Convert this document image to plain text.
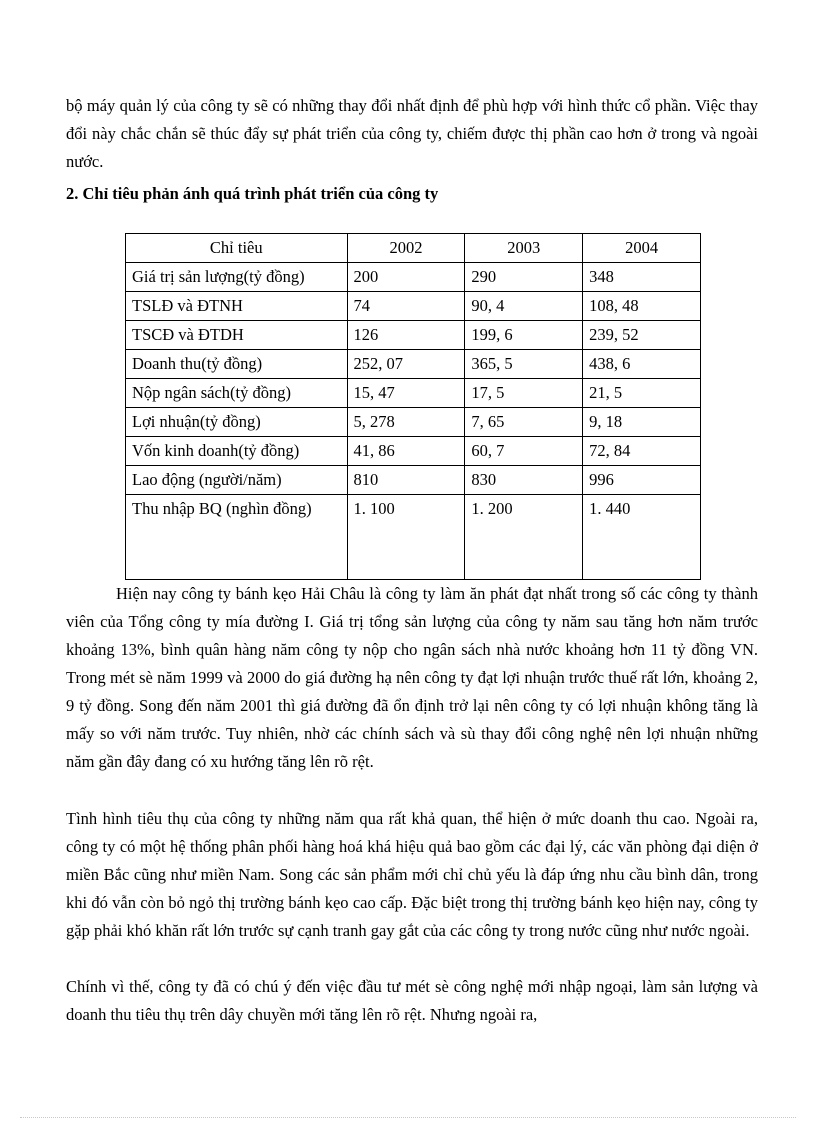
bộ máy quản lý của công ty sẽ có những thay đổi nhất định để phù hợp với hình thức cổ phần. Việc thay đổi này chắc chắn sẽ thúc đẩy sự phát triển của công ty, chiếm được thị phần cao hơn ở trong và ngoài nước.

2. Chỉ tiêu phản ánh quá trình phát triển của công ty

Chỉ tiêu	2002	2003	2004
Giá trị sản lượng(tỷ đồng)	200	290	348
TSLĐ và ĐTNH	74	90, 4	108, 48
TSCĐ và ĐTDH	126	199, 6	239, 52
Doanh thu(tỷ đồng)	252, 07	365, 5	438, 6
Nộp ngân sách(tỷ đồng)	15, 47	17, 5	21, 5
Lợi nhuận(tỷ đồng)	5, 278	7, 65	9, 18
Vốn kinh doanh(tỷ đồng)	41, 86	60, 7	72, 84
Lao động (người/năm)	810	830	996
Thu nhập BQ (nghìn đồng)	1. 100	1. 200	1. 440

Hiện nay công ty bánh kẹo Hải Châu là công ty làm ăn phát đạt nhất trong số các công ty thành viên của Tổng công ty mía đường I. Giá trị tổng sản lượng của công ty năm sau tăng hơn năm trước khoảng 13%, bình quân hàng năm công ty nộp cho ngân sách nhà nước khoảng hơn 11 tỷ đồng VN. Trong mét sè năm 1999 và 2000 do giá đường hạ nên công ty đạt lợi nhuận trước thuế rất lớn, khoảng 2, 9 tỷ đồng. Song đến năm 2001 thì giá đường đã ổn định trở lại nên công ty có lợi nhuận không tăng là mấy so với năm trước. Tuy nhiên, nhờ các chính sách và sù thay đổi công nghệ nên lợi nhuận những năm gần đây đang có xu hướng tăng lên rõ rệt.

Tình hình tiêu thụ của công ty những năm qua rất khả quan, thể hiện ở mức doanh thu cao. Ngoài ra, công ty có một hệ thống phân phối hàng hoá khá hiệu quả bao gồm các đại lý, các văn phòng đại diện ở miền Bắc cũng như miền Nam. Song các sản phẩm mới chỉ chủ yếu là đáp ứng nhu cầu bình dân, trong khi đó vẫn còn bỏ ngỏ thị trường bánh kẹo cao cấp. Đặc biệt trong thị trường bánh kẹo hiện nay, công ty gặp phải khó khăn rất lớn trước sự cạnh tranh gay gắt của các công ty trong nước cũng như nước ngoài.

Chính vì thế, công ty đã có chú ý đến việc đầu tư mét sè công nghệ mới nhập ngoại, làm sản lượng và doanh thu tiêu thụ trên dây chuyền mới tăng lên rõ rệt. Nhưng ngoài ra,
